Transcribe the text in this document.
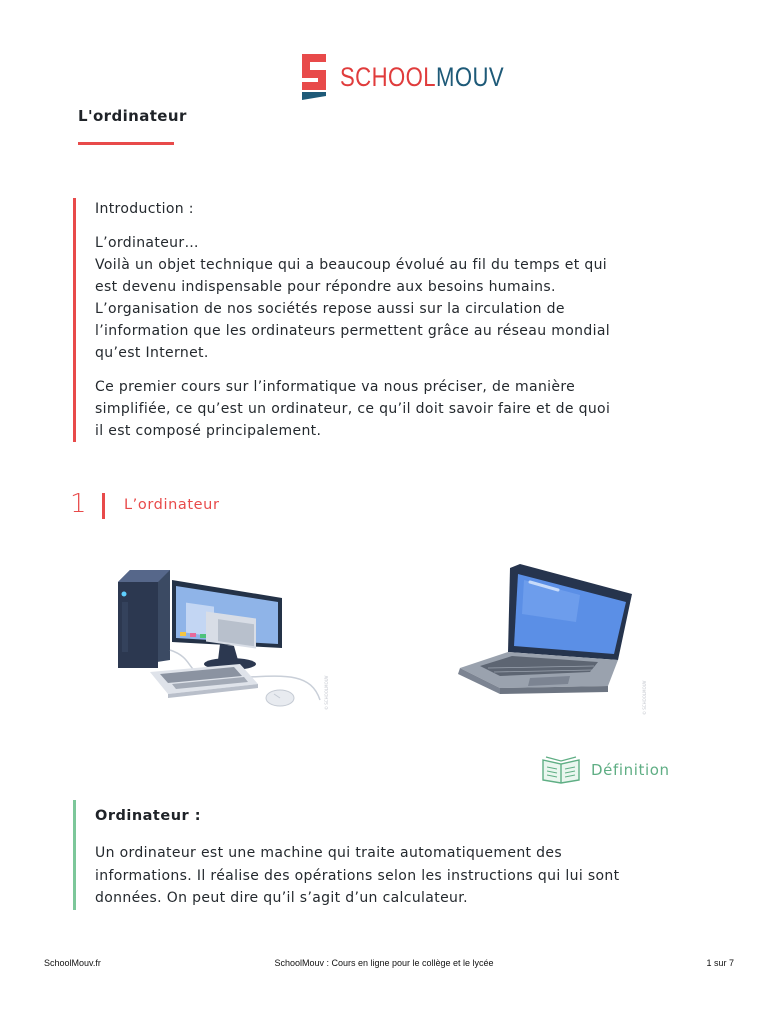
SCHOOLMOUV
L'ordinateur

Introduction :

L’ordinateur…
Voilà un objet technique qui a beaucoup évolué au fil du temps et qui
est devenu indispensable pour répondre aux besoins humains.
L’organisation de nos sociétés repose aussi sur la circulation de
l’information que les ordinateurs permettent grâce au réseau mondial
qu’est Internet.

Ce premier cours sur l’informatique va nous préciser, de manière
simplifiée, ce qu’est un ordinateur, ce qu’il doit savoir faire et de quoi
il est composé principalement.

1	L’ordinateur
© SCHOOLMOUV	© SCHOOLMOUV
Définition

Ordinateur :

Un ordinateur est une machine qui traite automatiquement des
informations. Il réalise des opérations selon les instructions qui lui sont
données. On peut dire qu’il s’agit d’un calculateur.

SchoolMouv.fr	SchoolMouv : Cours en ligne pour le collège et le lycée	1 sur 7
